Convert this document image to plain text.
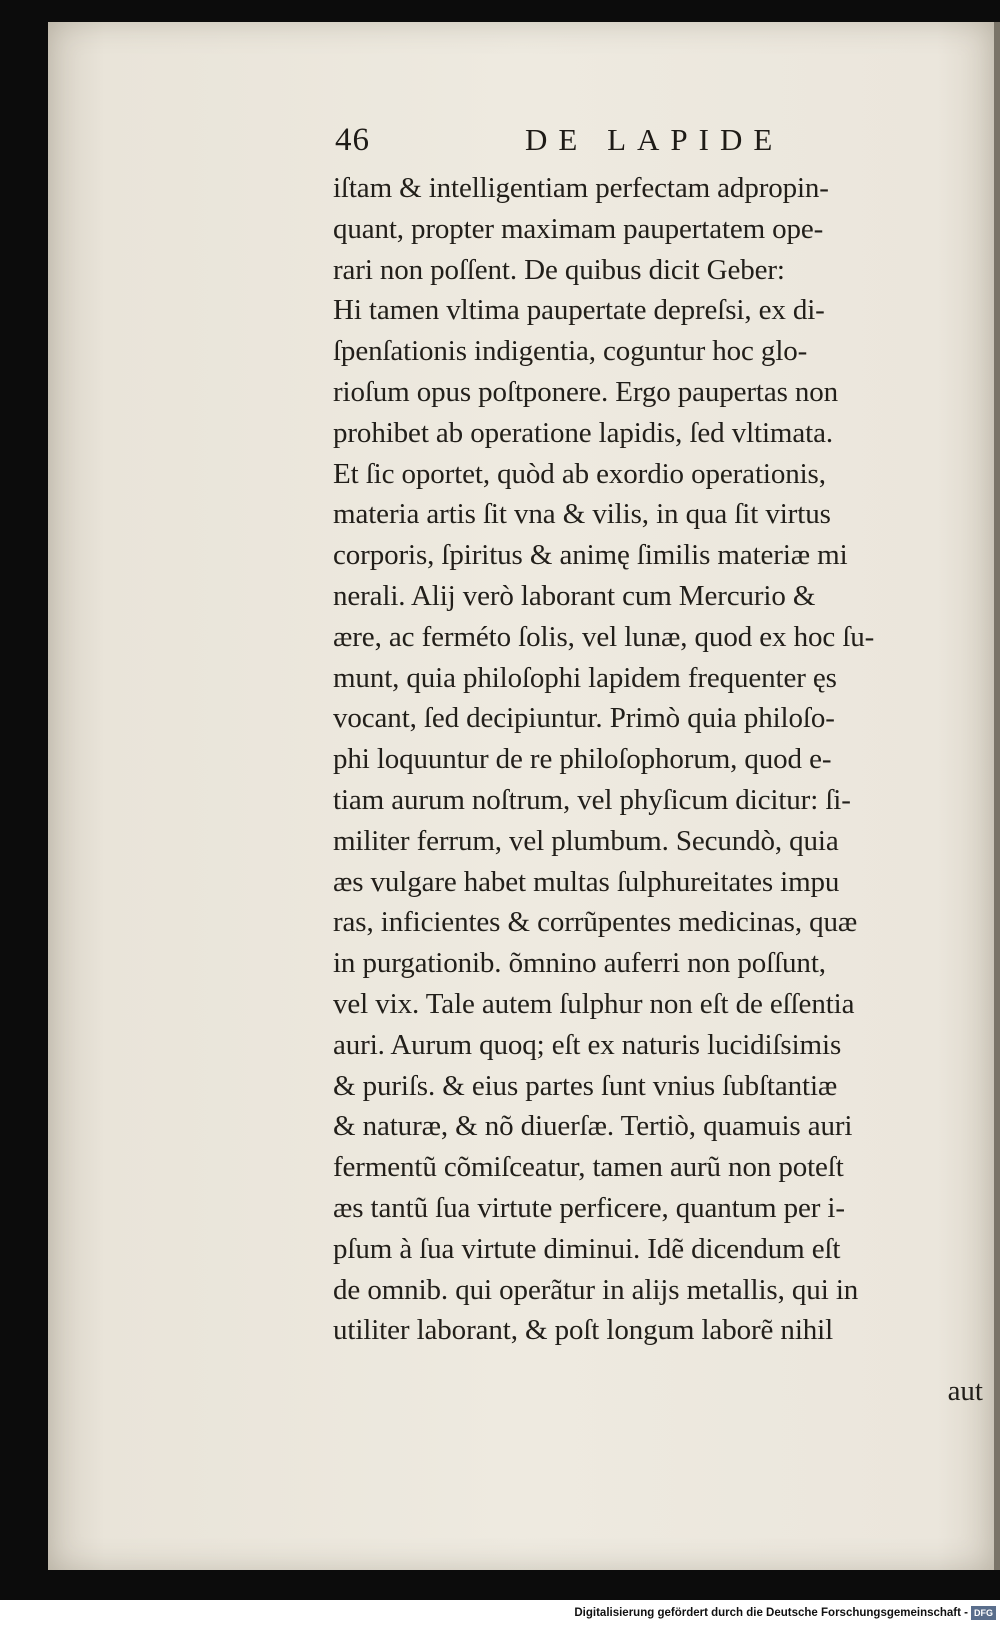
46	DE LAPIDE
iſtam & intelligentiam perfectam adpropin-
quant, propter maximam paupertatem ope-
rari non poſſent. De quibus dicit Geber:
Hi tamen vltima paupertate depreſsi, ex di-
ſpenſationis indigentia, coguntur hoc glo-
rioſum opus poſtponere. Ergo paupertas non
prohibet ab operatione lapidis, ſed vltimata.
Et ſic oportet, quòd ab exordio operationis,
materia artis ſit vna & vilis, in qua ſit virtus
corporis, ſpiritus & animę ſimilis materiæ mi
nerali. Alij verò laborant cum Mercurio &
ære, ac ferméto ſolis, vel lunæ, quod ex hoc ſu-
munt, quia philoſophi lapidem frequenter ęs
vocant, ſed decipiuntur. Primò quia philoſo-
phi loquuntur de re philoſophorum, quod e-
tiam aurum noſtrum, vel phyſicum dicitur: ſi-
militer ferrum, vel plumbum. Secundò, quia
æs vulgare habet multas ſulphureitates impu
ras, inficientes & corrũpentes medicinas, quæ
in purgationib. õmnino auferri non poſſunt,
vel vix. Tale autem ſulphur non eſt de eſſentia
auri. Aurum quoq; eſt ex naturis lucidiſsimis
& puriſs. & eius partes ſunt vnius ſubſtantiæ
& naturæ, & nõ diuerſæ. Tertiò, quamuis auri
fermentũ cõmiſceatur, tamen aurũ non poteſt
æs tantũ ſua virtute perficere, quantum per i-
pſum à ſua virtute diminui. Idẽ dicendum eſt
de omnib. qui operãtur in alijs metallis, qui in
utiliter laborant, & poſt longum laborẽ nihil
aut
Digitalisierung gefördert durch die Deutsche Forschungsgemeinschaft - DFG
